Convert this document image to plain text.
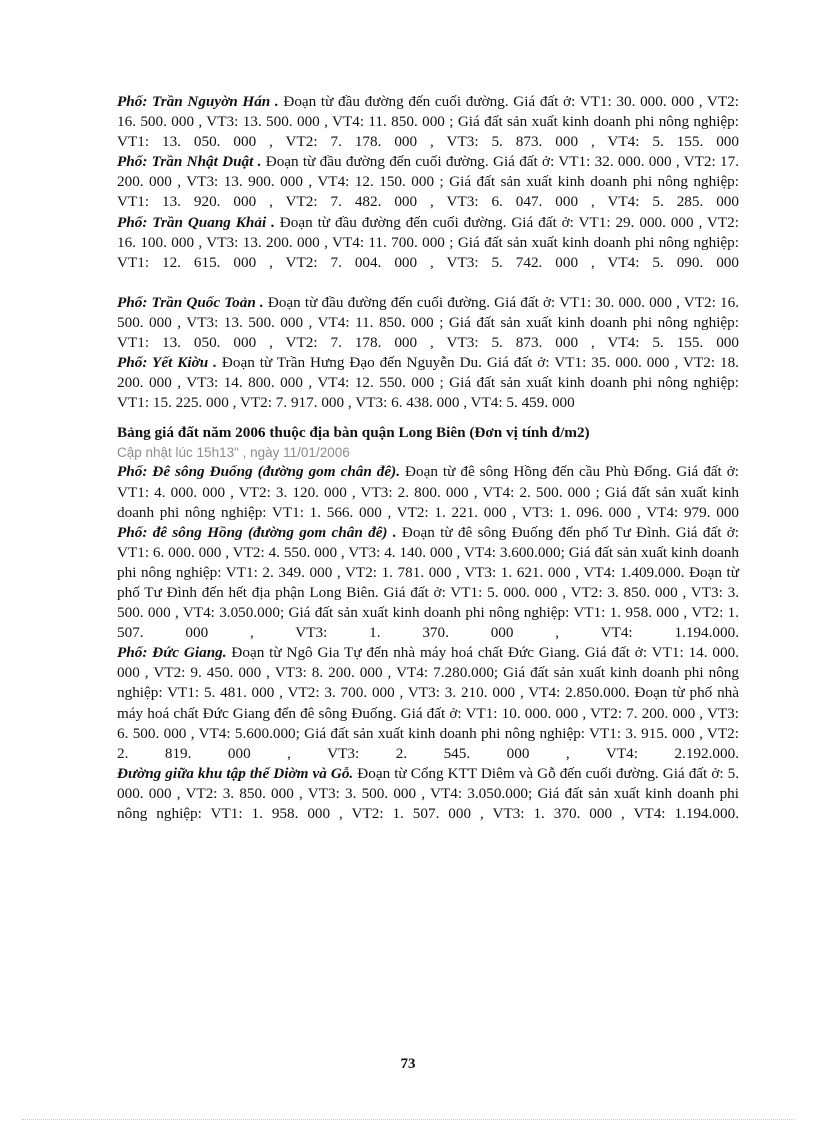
Phố: Trần Nguyờn Hán . Đoạn từ đầu đường đến cuối đường. Giá đất ở: VT1: 30. 000. 000 , VT2: 16. 500. 000 , VT3: 13. 500. 000 , VT4: 11. 850. 000 ; Giá đất sản xuất kinh doanh phi nông nghiệp: VT1: 13. 050. 000 , VT2: 7. 178. 000 , VT3: 5. 873. 000 , VT4: 5. 155. 000
Phố: Trần Nhật Duật . Đoạn từ đầu đường đến cuối đường. Giá đất ở: VT1: 32. 000. 000 , VT2: 17. 200. 000 , VT3: 13. 900. 000 , VT4: 12. 150. 000 ; Giá đất sản xuất kinh doanh phi nông nghiệp: VT1: 13. 920. 000 , VT2: 7. 482. 000 , VT3: 6. 047. 000 , VT4: 5. 285. 000
Phố: Trần Quang Khải . Đoạn từ đầu đường đến cuối đường. Giá đất ở: VT1: 29. 000. 000 , VT2: 16. 100. 000 , VT3: 13. 200. 000 , VT4: 11. 700. 000 ; Giá đất sản xuất kinh doanh phi nông nghiệp: VT1: 12. 615. 000 , VT2: 7. 004. 000 , VT3: 5. 742. 000 , VT4: 5. 090. 000
Phố: Trần Quốc Toản . Đoạn từ đầu đường đến cuối đường. Giá đất ở: VT1: 30. 000. 000 , VT2: 16. 500. 000 , VT3: 13. 500. 000 , VT4: 11. 850. 000 ; Giá đất sản xuất kinh doanh phi nông nghiệp: VT1: 13. 050. 000 , VT2: 7. 178. 000 , VT3: 5. 873. 000 , VT4: 5. 155. 000
Phố: Yết Kiờu . Đoạn từ Trần Hưng Đạo đến Nguyễn Du. Giá đất ở: VT1: 35. 000. 000 , VT2: 18. 200. 000 , VT3: 14. 800. 000 , VT4: 12. 550. 000 ; Giá đất sản xuất kinh doanh phi nông nghiệp: VT1: 15. 225. 000 , VT2: 7. 917. 000 , VT3: 6. 438. 000 , VT4: 5. 459. 000
Bảng giá đất năm 2006 thuộc địa bàn quận Long Biên (Đơn vị tính đ/m2)
Cập nhật lúc 15h13" , ngày 11/01/2006
Phố: Đê sông Đuống (đường gom chân đê). Đoạn từ đê sông Hồng đến cầu Phù Đổng. Giá đất ở: VT1: 4. 000. 000 , VT2: 3. 120. 000 , VT3: 2. 800. 000 , VT4: 2. 500. 000 ; Giá đất sản xuất kinh doanh phi nông nghiệp: VT1: 1. 566. 000 , VT2: 1. 221. 000 , VT3: 1. 096. 000 , VT4: 979. 000
Phố: đê sông Hồng (đường gom chân đê) . Đoạn từ đê sông Đuống đến phố Tư Đình. Giá đất ở: VT1: 6. 000. 000 , VT2: 4. 550. 000 , VT3: 4. 140. 000 , VT4: 3.600.000; Giá đất sản xuất kinh doanh phi nông nghiệp: VT1: 2. 349. 000 , VT2: 1. 781. 000 , VT3: 1. 621. 000 , VT4: 1.409.000. Đoạn từ phố Tư Đình đến hết địa phận Long Biên. Giá đất ở: VT1: 5. 000. 000 , VT2: 3. 850. 000 , VT3: 3. 500. 000 , VT4: 3.050.000; Giá đất sản xuất kinh doanh phi nông nghiệp: VT1: 1. 958. 000 , VT2: 1. 507. 000 , VT3: 1. 370. 000 , VT4: 1.194.000.
Phố: Đức Giang. Đoạn từ Ngô Gia Tự đến nhà máy hoá chất Đức Giang. Giá đất ở: VT1: 14. 000. 000 , VT2: 9. 450. 000 , VT3: 8. 200. 000 , VT4: 7.280.000; Giá đất sản xuất kinh doanh phi nông nghiệp: VT1: 5. 481. 000 , VT2: 3. 700. 000 , VT3: 3. 210. 000 , VT4: 2.850.000. Đoạn từ phố nhà máy hoá chất Đức Giang đến đê sông Đuống. Giá đất ở: VT1: 10. 000. 000 , VT2: 7. 200. 000 , VT3: 6. 500. 000 , VT4: 5.600.000; Giá đất sản xuất kinh doanh phi nông nghiệp: VT1: 3. 915. 000 , VT2: 2. 819. 000 , VT3: 2. 545. 000 , VT4: 2.192.000.
Đường giữa khu tập thể Diờm và Gỗ. Đoạn từ Cổng KTT Diêm và Gỗ đến cuối đường. Giá đất ở: 5. 000. 000 , VT2: 3. 850. 000 , VT3: 3. 500. 000 , VT4: 3.050.000; Giá đất sản xuất kinh doanh phi nông nghiệp: VT1: 1. 958. 000 , VT2: 1. 507. 000 , VT3: 1. 370. 000 , VT4: 1.194.000.
73
